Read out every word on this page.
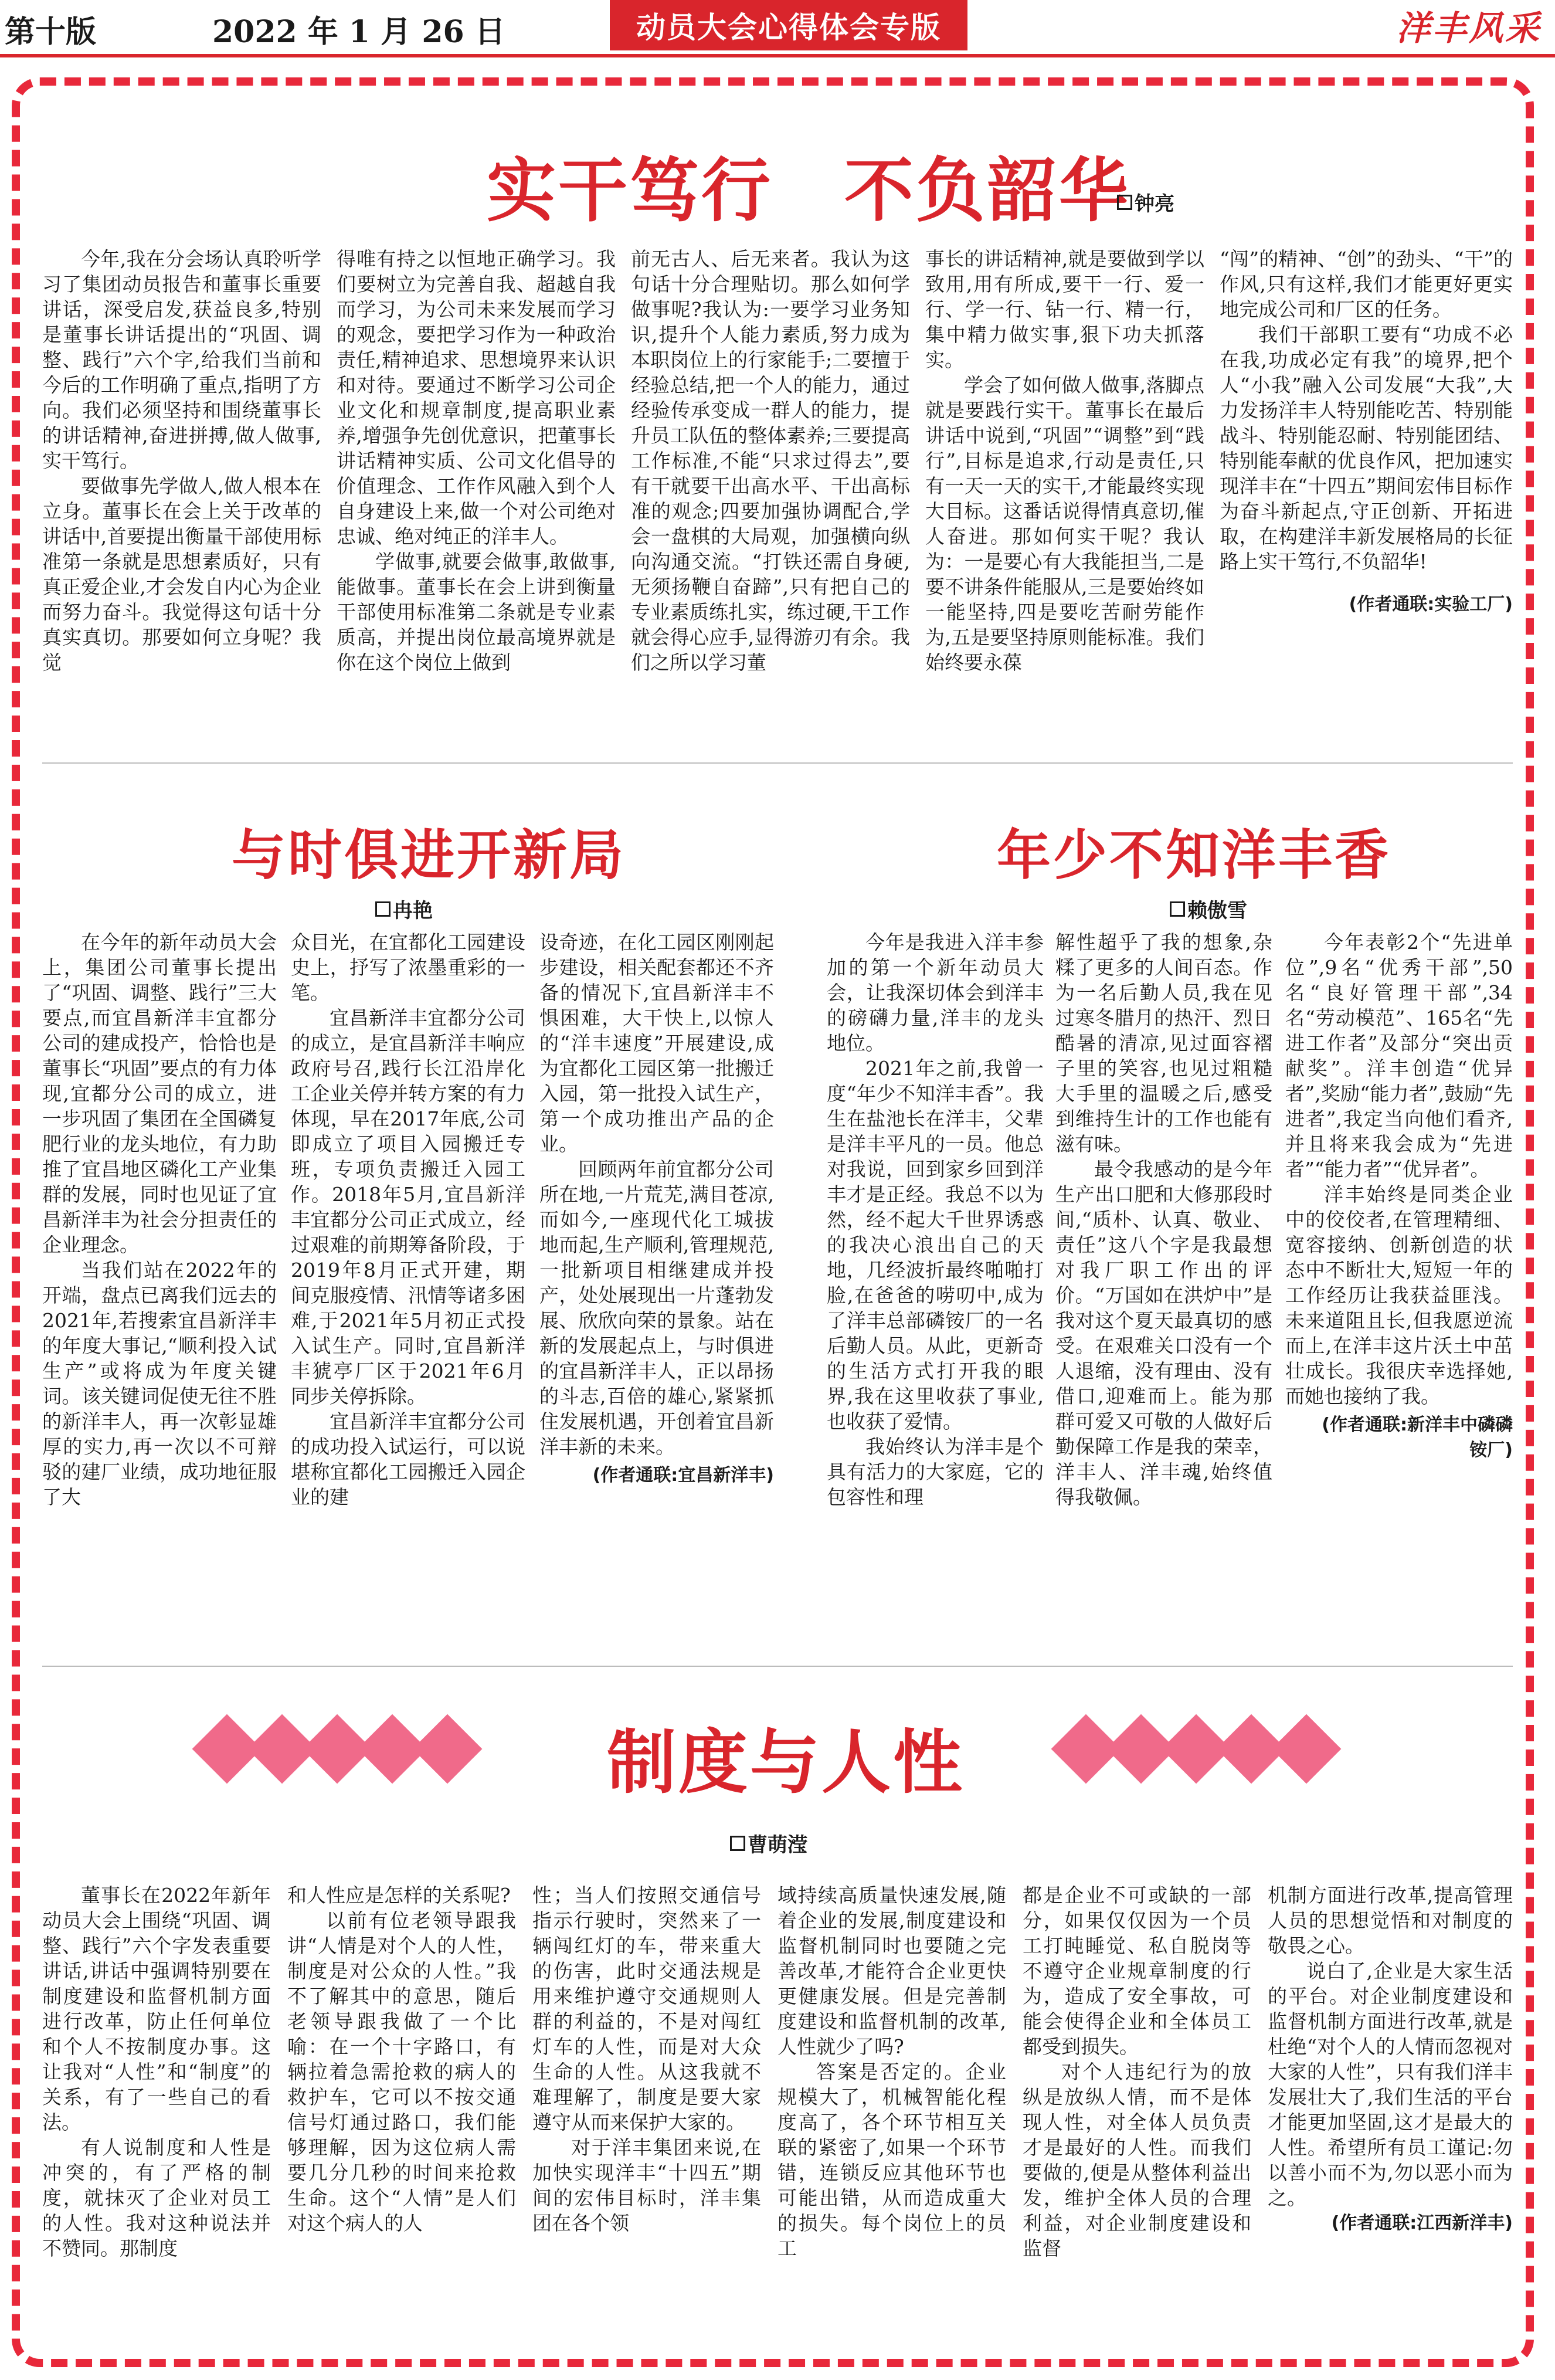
第十版	2022 年 1 月 26 日	动员大会心得体会专版	洋丰风采
实干笃行　不负韶华 钟亮

今年,我在分会场认真聆听学习了集团动员报告和董事长重要讲话，深受启发,获益良多,特别是董事长讲话提出的“巩固、调整、践行”六个字,给我们当前和今后的工作明确了重点,指明了方向。我们必须坚持和围绕董事长的讲话精神,奋进拼搏,做人做事,实干笃行。

要做事先学做人,做人根本在立身。董事长在会上关于改革的讲话中,首要提出衡量干部使用标准第一条就是思想素质好，只有真正爱企业,才会发自内心为企业而努力奋斗。我觉得这句话十分真实真切。那要如何立身呢？我觉

得唯有持之以恒地正确学习。我们要树立为完善自我、超越自我而学习，为公司未来发展而学习的观念，要把学习作为一种政治责任,精神追求、思想境界来认识和对待。要通过不断学习公司企业文化和规章制度,提高职业素养,增强争先创优意识，把董事长讲话精神实质、公司文化倡导的价值理念、工作作风融入到个人自身建设上来,做一个对公司绝对忠诚、绝对纯正的洋丰人。

学做事,就要会做事,敢做事,能做事。董事长在会上讲到衡量干部使用标准第二条就是专业素质高，并提出岗位最高境界就是你在这个岗位上做到

前无古人、后无来者。我认为这句话十分合理贴切。那么如何学做事呢?我认为:一要学习业务知识,提升个人能力素质,努力成为本职岗位上的行家能手;二要擅于经验总结,把一个人的能力，通过经验传承变成一群人的能力，提升员工队伍的整体素养;三要提高工作标准,不能“只求过得去”,要有干就要干出高水平、干出高标准的观念;四要加强协调配合,学会一盘棋的大局观，加强横向纵向沟通交流。“打铁还需自身硬,无须扬鞭自奋蹄”,只有把自己的专业素质练扎实，练过硬,干工作就会得心应手,显得游刃有余。我们之所以学习董

事长的讲话精神,就是要做到学以致用,用有所成,要干一行、爱一行、学一行、钻一行、精一行，集中精力做实事,狠下功夫抓落实。

学会了如何做人做事,落脚点就是要践行实干。董事长在最后讲话中说到,“巩固”“调整”到“践行”,目标是追求,行动是责任,只有一天一天的实干,才能最终实现大目标。这番话说得情真意切,催人奋进。那如何实干呢？我认为：一是要心有大我能担当,二是要不讲条件能服从,三是要始终如一能坚持,四是要吃苦耐劳能作为,五是要坚持原则能标准。我们始终要永葆

“闯”的精神、“创”的劲头、“干”的作风,只有这样,我们才能更好更实地完成公司和厂区的任务。

我们干部职工要有“功成不必在我,功成必定有我”的境界,把个人“小我”融入公司发展“大我”,大力发扬洋丰人特别能吃苦、特别能战斗、特别能忍耐、特别能团结、特别能奉献的优良作风，把加速实现洋丰在“十四五”期间宏伟目标作为奋斗新起点,守正创新、开拓进取，在构建洋丰新发展格局的长征路上实干笃行,不负韶华!

(作者通联:实验工厂)

与时俱进开新局
冉艳

在今年的新年动员大会上，集团公司董事长提出了“巩固、调整、践行”三大要点,而宜昌新洋丰宜都分公司的建成投产，恰恰也是董事长“巩固”要点的有力体现,宜都分公司的成立，进一步巩固了集团在全国磷复肥行业的龙头地位，有力助推了宜昌地区磷化工产业集群的发展，同时也见证了宜昌新洋丰为社会分担责任的企业理念。

当我们站在2022年的开端，盘点已离我们远去的2021年,若搜索宜昌新洋丰的年度大事记,“顺利投入试生产”或将成为年度关键词。该关键词促使无往不胜的新洋丰人，再一次彰显雄厚的实力,再一次以不可辩驳的建厂业绩，成功地征服了大

众目光，在宜都化工园建设史上，抒写了浓墨重彩的一笔。

宜昌新洋丰宜都分公司的成立，是宜昌新洋丰响应政府号召,践行长江沿岸化工企业关停并转方案的有力体现，早在2017年底,公司即成立了项目入园搬迁专班，专项负责搬迁入园工作。2018年5月,宜昌新洋丰宜都分公司正式成立，经过艰难的前期筹备阶段，于2019年8月正式开建，期间克服疫情、汛情等诸多困难,于2021年5月初正式投入试生产。同时,宜昌新洋丰猇亭厂区于2021年6月同步关停拆除。

宜昌新洋丰宜都分公司的成功投入试运行，可以说堪称宜都化工园搬迁入园企业的建

设奇迹，在化工园区刚刚起步建设，相关配套都还不齐备的情况下,宜昌新洋丰不惧困难，大干快上,以惊人的“洋丰速度”开展建设,成为宜都化工园区第一批搬迁入园，第一批投入试生产，第一个成功推出产品的企业。

回顾两年前宜都分公司所在地,一片荒芜,满目苍凉,而如今,一座现代化工城拔地而起,生产顺利,管理规范,一批新项目相继建成并投产，处处展现出一片蓬勃发展、欣欣向荣的景象。站在新的发展起点上，与时俱进的宜昌新洋丰人，正以昂扬的斗志,百倍的雄心,紧紧抓住发展机遇，开创着宜昌新洋丰新的未来。

(作者通联:宜昌新洋丰)

年少不知洋丰香
赖傲雪

今年是我进入洋丰参加的第一个新年动员大会，让我深切体会到洋丰的磅礴力量,洋丰的龙头地位。

2021年之前,我曾一度“年少不知洋丰香”。我生在盐池长在洋丰，父辈是洋丰平凡的一员。他总对我说，回到家乡回到洋丰才是正经。我总不以为然，经不起大千世界诱惑的我决心浪出自己的天地，几经波折最终啪啪打脸,在爸爸的唠叨中,成为了洋丰总部磷铵厂的一名后勤人员。从此，更新奇的生活方式打开我的眼界,我在这里收获了事业,也收获了爱情。

我始终认为洋丰是个具有活力的大家庭，它的包容性和理

解性超乎了我的想象,杂糅了更多的人间百态。作为一名后勤人员,我在见过寒冬腊月的热汗、烈日酷暑的清凉,见过面容褶子里的笑容,也见过粗糙大手里的温暖之后,感受到维持生计的工作也能有滋有味。

最令我感动的是今年生产出口肥和大修那段时间,“质朴、认真、敬业、责任”这八个字是我最想对我厂职工作出的评价。“万国如在洪炉中”是我对这个夏天最真切的感受。在艰难关口没有一个人退缩，没有理由、没有借口,迎难而上。能为那群可爱又可敬的人做好后勤保障工作是我的荣幸，洋丰人、洋丰魂,始终值得我敬佩。

今年表彰2个“先进单位”,9名“优秀干部”,50名“良好管理干部”,34名“劳动模范”、165名“先进工作者”及部分“突出贡献奖”。洋丰创造“优异者”,奖励“能力者”,鼓励“先进者”,我定当向他们看齐,并且将来我会成为“先进者”“能力者”“优异者”。

洋丰始终是同类企业中的佼佼者,在管理精细、宽容接纳、创新创造的状态中不断壮大,短短一年的工作经历让我获益匪浅。未来道阻且长,但我愿逆流而上,在洋丰这片沃土中茁壮成长。我很庆幸选择她,而她也接纳了我。

(作者通联:新洋丰中磷磷铵厂)

制度与人性
曹萌滢

董事长在2022年新年动员大会上围绕“巩固、调整、践行”六个字发表重要讲话,讲话中强调特别要在制度建设和监督机制方面进行改革，防止任何单位和个人不按制度办事。这让我对“人性”和“制度”的关系，有了一些自己的看法。

有人说制度和人性是冲突的，有了严格的制度，就抹灭了企业对员工的人性。我对这种说法并不赞同。那制度

和人性应是怎样的关系呢?

以前有位老领导跟我讲“人情是对个人的人性，制度是对公众的人性。”我不了解其中的意思，随后老领导跟我做了一个比喻：在一个十字路口，有辆拉着急需抢救的病人的救护车，它可以不按交通信号灯通过路口，我们能够理解，因为这位病人需要几分几秒的时间来抢救生命。这个“人情”是人们对这个病人的人

性；当人们按照交通信号指示行驶时，突然来了一辆闯红灯的车，带来重大的伤害，此时交通法规是用来维护遵守交通规则人群的利益的，不是对闯红灯车的人性，而是对大众生命的人性。从这我就不难理解了，制度是要大家遵守从而来保护大家的。

对于洋丰集团来说,在加快实现洋丰“十四五”期间的宏伟目标时，洋丰集团在各个领

域持续高质量快速发展,随着企业的发展,制度建设和监督机制同时也要随之完善改革,才能符合企业更快更健康发展。但是完善制度建设和监督机制的改革,人性就少了吗?

答案是否定的。企业规模大了，机械智能化程度高了，各个环节相互关联的紧密了,如果一个环节错，连锁反应其他环节也可能出错，从而造成重大的损失。每个岗位上的员工

都是企业不可或缺的一部分，如果仅仅因为一个员工打盹睡觉、私自脱岗等不遵守企业规章制度的行为，造成了安全事故，可能会使得企业和全体员工都受到损失。

对个人违纪行为的放纵是放纵人情，而不是体现人性，对全体人员负责才是最好的人性。而我们要做的,便是从整体利益出发，维护全体人员的合理利益，对企业制度建设和监督

机制方面进行改革,提高管理人员的思想觉悟和对制度的敬畏之心。

说白了,企业是大家生活的平台。对企业制度建设和监督机制方面进行改革,就是杜绝“对个人的人情而忽视对大家的人性”，只有我们洋丰发展壮大了,我们生活的平台才能更加坚固,这才是最大的人性。希望所有员工谨记:勿以善小而不为,勿以恶小而为之。

(作者通联:江西新洋丰)
